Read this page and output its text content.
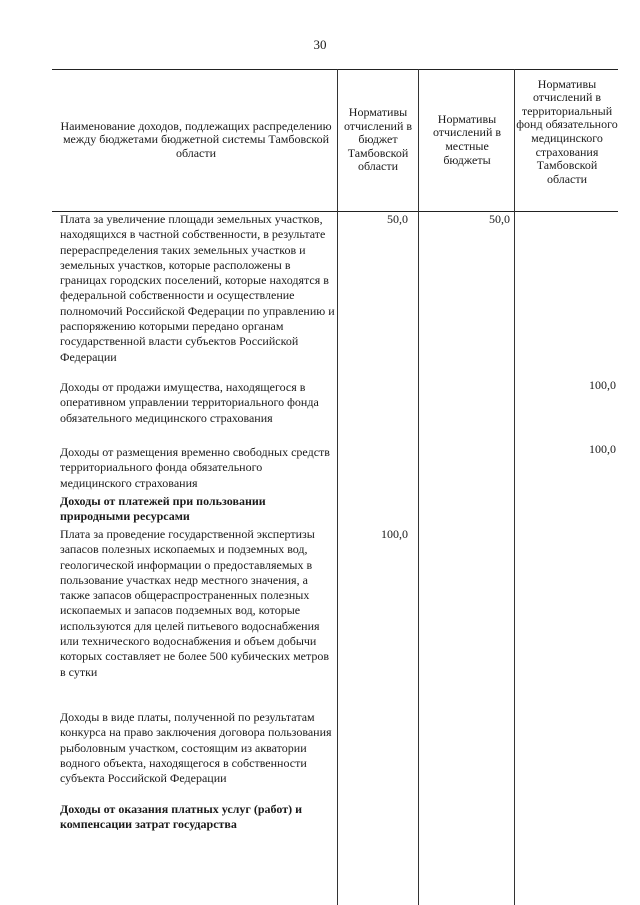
30
Наименование доходов, подлежащих распределению между бюджетами бюджетной системы Тамбовской области
Нормативы отчислений в бюджет Тамбовской области
Нормативы отчислений в местные бюджеты
Нормативы отчислений в территориальный фонд обязательного медицинского страхования Тамбовской области
Плата за увеличение площади земельных участков, находящихся в частной собственности, в результате перераспределения таких земельных участков и земельных участков, которые расположены в границах городских поселений, которые находятся в федеральной собственности и осуществление полномочий Российской Федерации по управлению и распоряжению которыми передано органам государственной власти субъектов Российской Федерации
50,0	50,0
Доходы от продажи имущества, находящегося в оперативном управлении территориального фонда обязательного медицинского страхования
100,0
Доходы от размещения временно свободных средств территориального фонда обязательного медицинского страхования
100,0
Доходы от платежей при пользовании природными ресурсами
Плата за проведение государственной экспертизы запасов полезных ископаемых и подземных вод, геологической информации о предоставляемых в пользование участках недр местного значения, а также запасов общераспространенных полезных ископаемых и запасов подземных вод, которые используются для целей питьевого водоснабжения или технического водоснабжения и объем добычи которых составляет не более 500 кубических метров в сутки
100,0
Доходы в виде платы, полученной по результатам конкурса на право заключения договора пользования рыболовным участком, состоящим из акватории водного объекта, находящегося в собственности субъекта Российской Федерации
Доходы от оказания платных услуг (работ) и компенсации затрат государства
